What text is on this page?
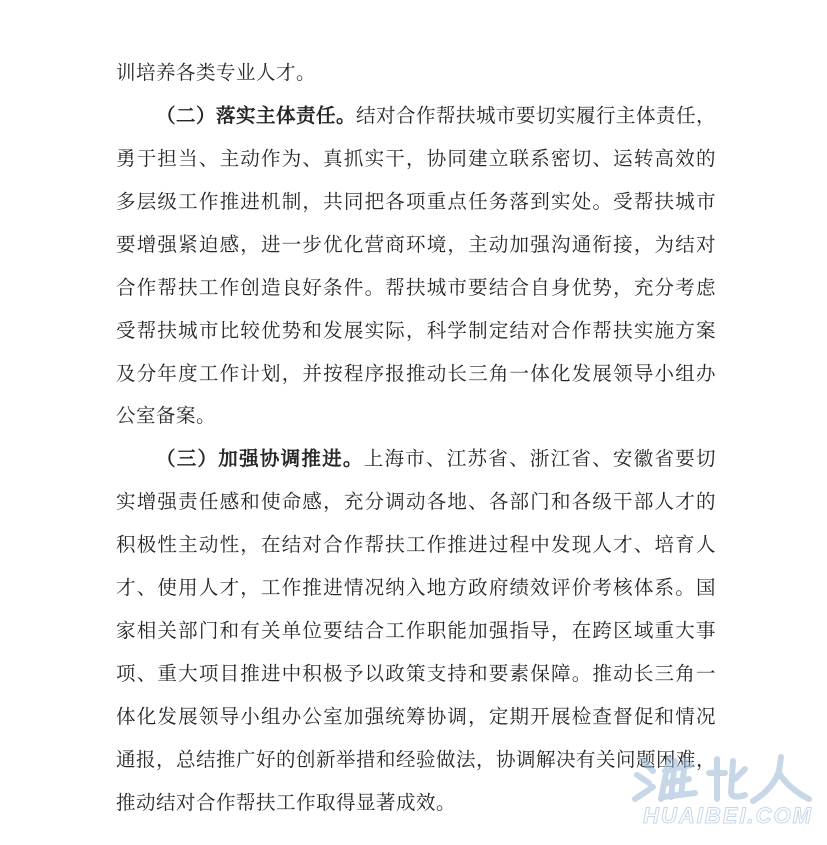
训培养各类专业人才。
（二）落实主体责任。结对合作帮扶城市要切实履行主体责任，
勇于担当、主动作为、真抓实干，协同建立联系密切、运转高效的
多层级工作推进机制，共同把各项重点任务落到实处。受帮扶城市
要增强紧迫感，进一步优化营商环境，主动加强沟通衔接，为结对
合作帮扶工作创造良好条件。帮扶城市要结合自身优势，充分考虑
受帮扶城市比较优势和发展实际，科学制定结对合作帮扶实施方案
及分年度工作计划，并按程序报推动长三角一体化发展领导小组办
公室备案。
（三）加强协调推进。上海市、江苏省、浙江省、安徽省要切
实增强责任感和使命感，充分调动各地、各部门和各级干部人才的
积极性主动性，在结对合作帮扶工作推进过程中发现人才、培育人
才、使用人才，工作推进情况纳入地方政府绩效评价考核体系。国
家相关部门和有关单位要结合工作职能加强指导，在跨区域重大事
项、重大项目推进中积极予以政策支持和要素保障。推动长三角一
体化发展领导小组办公室加强统筹协调，定期开展检查督促和情况
通报，总结推广好的创新举措和经验做法，协调解决有关问题困难，
推动结对合作帮扶工作取得显著成效。
HUAIBEI.COM
